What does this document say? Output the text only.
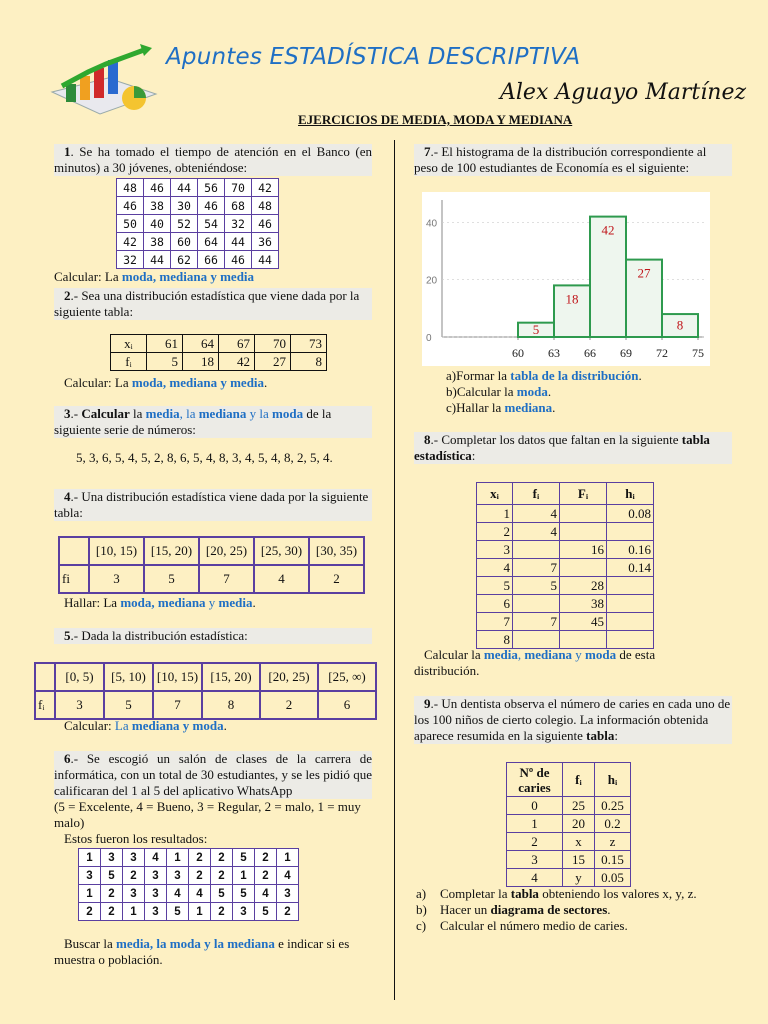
Apuntes ESTADÍSTICA DESCRIPTIVA
Alex Aguayo Martínez
EJERCICIOS DE MEDIA, MODA Y MEDIANA

1. Se ha tomado el tiempo de atención en el Banco (en minutos) a 30 jóvenes, obteniéndose:

48	46	44	56	70	42
46	38	30	46	68	48
50	40	52	54	32	46
42	38	60	64	44	36
32	44	62	66	46	44

Calcular: La moda, mediana y media

2.- Sea una distribución estadística que viene dada por la siguiente tabla:

xᵢ	61	64	67	70	73
fᵢ	5	18	42	27	8

Calcular: La moda, mediana y media.

3.- Calcular la media, la mediana y la moda de la siguiente serie de números:

5, 3, 6, 5, 4, 5, 2, 8, 6, 5, 4, 8, 3, 4, 5, 4, 8, 2, 5, 4.

4.- Una distribución estadística viene dada por la siguiente tabla:

	[10, 15)	[15, 20)	[20, 25)	[25, 30)	[30, 35)
fi	3	5	7	4	2

Hallar: La moda, mediana y media.

5.- Dada la distribución estadística:

	[0, 5)	[5, 10)	[10, 15)	[15, 20)	[20, 25)	[25, ∞)
fᵢ	3	5	7	8	2	6

Calcular: La mediana y moda.

6.- Se escogió un salón de clases de la carrera de informática, con un total de 30 estudiantes, y se les pidió que calificaran del 1 al 5 del aplicativo WhatsApp

(5 = Excelente, 4 = Bueno, 3 = Regular, 2 = malo, 1 = muy malo)

Estos fueron los resultados:

1	3	3	4	1	2	2	5	2	1
3	5	2	3	3	2	2	1	2	4
1	2	3	3	4	4	5	5	4	3
2	2	1	3	5	1	2	3	5	2

Buscar la media, la moda y la mediana e indicar si es muestra o población.

7.- El histograma de la distribución correspondiente al peso de 100 estudiantes de Economía es el siguiente:

40
20
0
60 63 66 69 72 75
5
18
42
27
8
a)Formar la tabla de la distribución.
b)Calcular la moda.
c)Hallar la mediana.

8.- Completar los datos que faltan en la siguiente tabla estadística:

xᵢ	fᵢ	Fᵢ	hᵢ
1	4		0.08
2	4		
3		16	0.16
4	7		0.14
5	5	28	
6		38	
7	7	45	
8			

Calcular la media, mediana y moda de esta distribución.

9.- Un dentista observa el número de caries en cada uno de los 100 niños de cierto colegio. La información obtenida aparece resumida en la siguiente tabla:

Nº de caries	fᵢ	hᵢ
0	25	0.25
1	20	0.2
2	x	z
3	15	0.15
4	y	0.05

a) Completar la tabla obteniendo los valores x, y, z.

b) Hacer un diagrama de sectores.

c) Calcular el número medio de caries.
